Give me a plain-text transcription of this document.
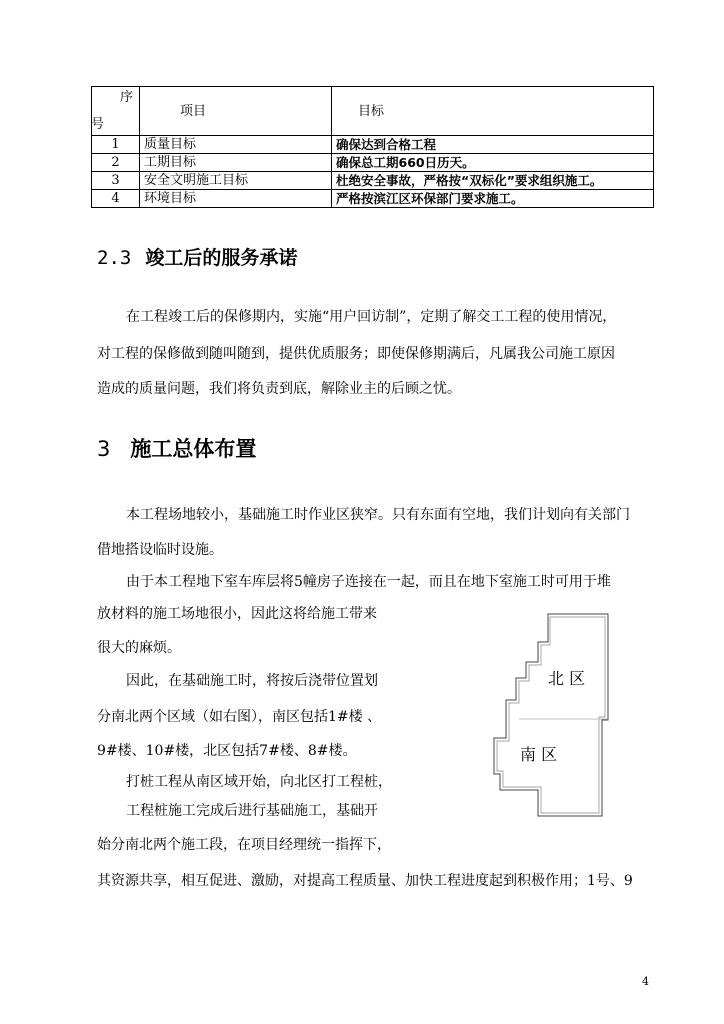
序
号	项目	目标
1	质量目标	确保达到合格工程
2	工期目标	确保总工期660日历天。
3	安全文明施工目标	杜绝安全事故，严格按“双标化”要求组织施工。
4	环境目标	严格按滨江区环保部门要求施工。
2.3 竣工后的服务承诺
在工程竣工后的保修期内，实施“用户回访制”，定期了解交工工程的使用情况，
对工程的保修做到随叫随到，提供优质服务；即使保修期满后，凡属我公司施工原因
造成的质量问题，我们将负责到底，解除业主的后顾之忧。
3 施工总体布置
本工程场地较小，基础施工时作业区狭窄。只有东面有空地，我们计划向有关部门
借地搭设临时设施。
由于本工程地下室车库层将5幢房子连接在一起，而且在地下室施工时可用于堆
放材料的施工场地很小，因此这将给施工带来
很大的麻烦。
因此，在基础施工时，将按后浇带位置划
分南北两个区域（如右图），南区包括1#楼 、
9#楼、10#楼，北区包括7#楼、8#楼。
打桩工程从南区域开始，向北区打工程桩，
工程桩施工完成后进行基础施工，基础开
始分南北两个施工段，在项目经理统一指挥下，
其资源共享，相互促进、激励，对提高工程质量、加快工程进度起到积极作用；1号、9
北 区
南 区
4
